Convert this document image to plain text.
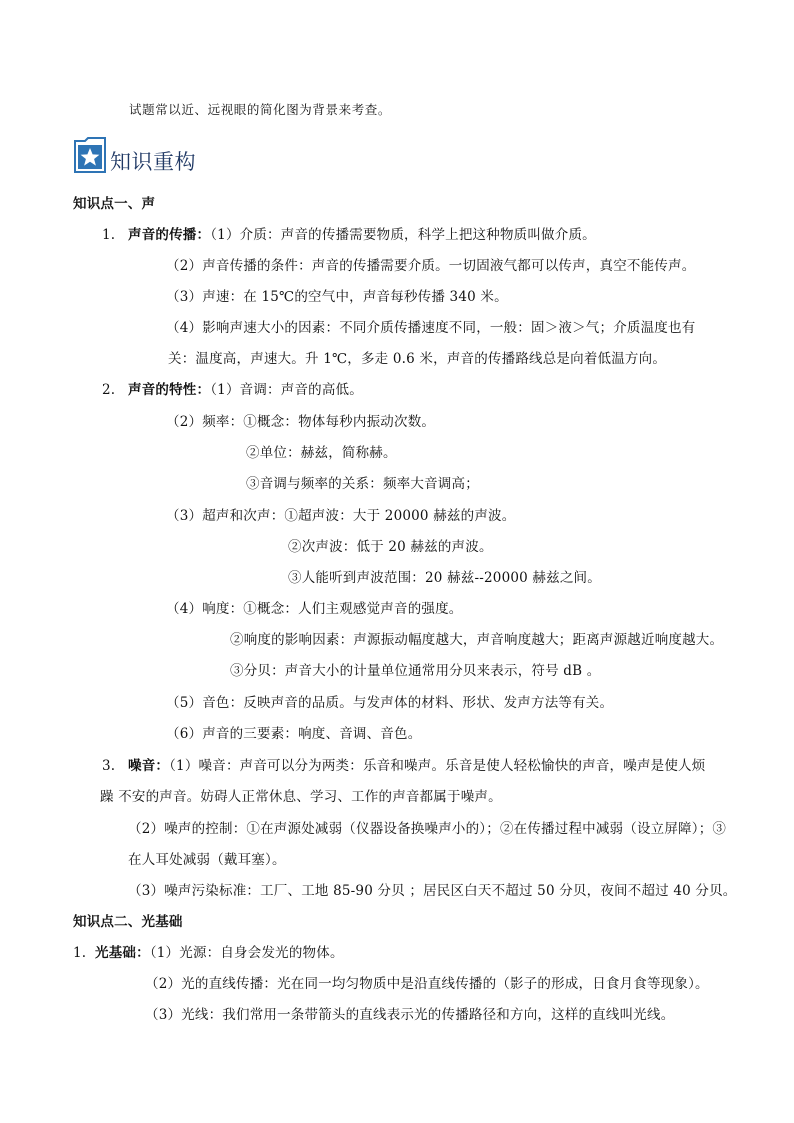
试题常以近、远视眼的简化图为背景来考查。
知识重构
知识点一、声
1. 声音的传播：（1）介质：声音的传播需要物质，科学上把这种物质叫做介质。
（2）声音传播的条件：声音的传播需要介质。一切固液气都可以传声，真空不能传声。
（3）声速：在 15℃的空气中，声音每秒传播 340 米。
（4）影响声速大小的因素：不同介质传播速度不同，一般：固＞液＞气；介质温度也有
关：温度高，声速大。升 1℃，多走 0.6 米，声音的传播路线总是向着低温方向。
2. 声音的特性：（1）音调：声音的高低。
（2）频率：①概念：物体每秒内振动次数。
②单位：赫兹，简称赫。
③音调与频率的关系：频率大音调高；
（3）超声和次声：①超声波：大于 20000 赫兹的声波。
②次声波：低于 20 赫兹的声波。
③人能听到声波范围：20 赫兹--20000 赫兹之间。
（4）响度：①概念：人们主观感觉声音的强度。
②响度的影响因素：声源振动幅度越大，声音响度越大；距离声源越近响度越大。
③分贝：声音大小的计量单位通常用分贝来表示，符号 dB 。
（5）音色：反映声音的品质。与发声体的材料、形状、发声方法等有关。
（6）声音的三要素：响度、音调、音色。
3. 噪音：（1）噪音：声音可以分为两类：乐音和噪声。乐音是使人轻松愉快的声音，噪声是使人烦
躁 不安的声音。妨碍人正常休息、学习、工作的声音都属于噪声。
（2）噪声的控制：①在声源处减弱（仪器设备换噪声小的）；②在传播过程中减弱（设立屏障）；③
在人耳处减弱（戴耳塞）。
（3）噪声污染标准：工厂、工地 85-90 分贝 ；居民区白天不超过 50 分贝，夜间不超过 40 分贝。
知识点二、光基础
1. 光基础：（1）光源：自身会发光的物体。
（2）光的直线传播：光在同一均匀物质中是沿直线传播的（影子的形成，日食月食等现象）。
（3）光线：我们常用一条带箭头的直线表示光的传播路径和方向，这样的直线叫光线。
